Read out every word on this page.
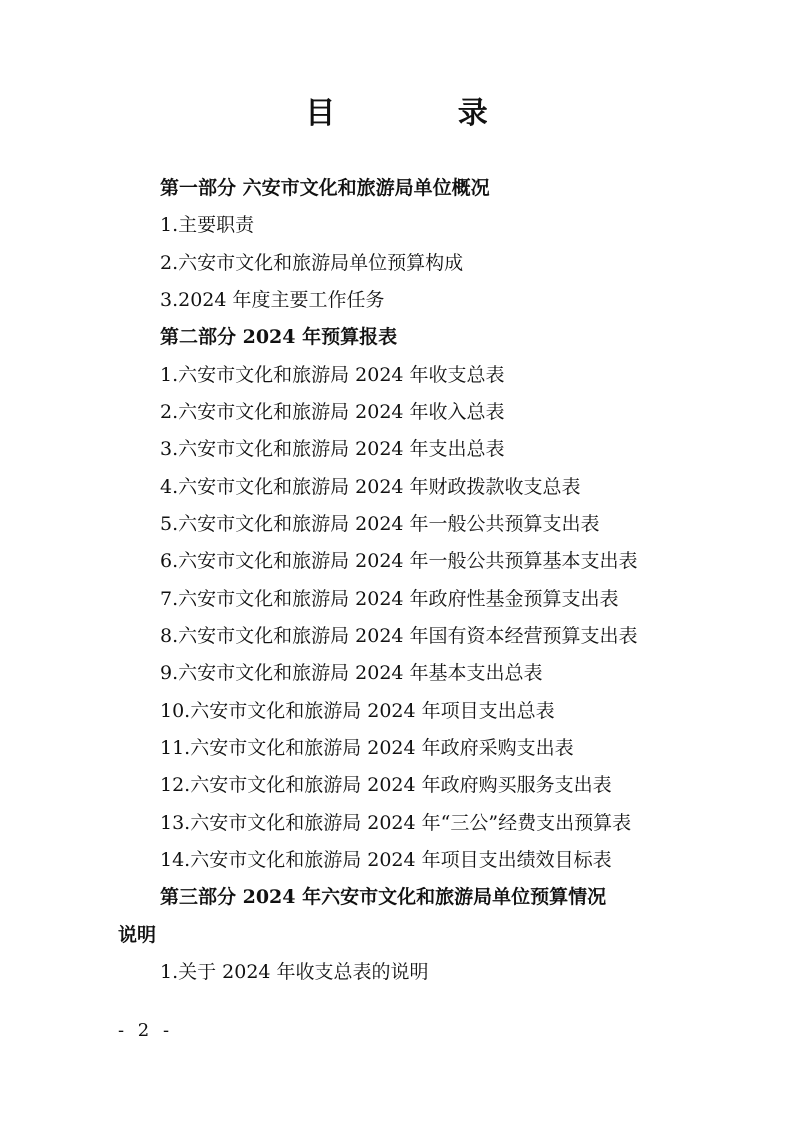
目 录
第一部分 六安市文化和旅游局单位概况
1.主要职责
2.六安市文化和旅游局单位预算构成
3.2024 年度主要工作任务
第二部分 2024 年预算报表
1.六安市文化和旅游局 2024 年收支总表
2.六安市文化和旅游局 2024 年收入总表
3.六安市文化和旅游局 2024 年支出总表
4.六安市文化和旅游局 2024 年财政拨款收支总表
5.六安市文化和旅游局 2024 年一般公共预算支出表
6.六安市文化和旅游局 2024 年一般公共预算基本支出表
7.六安市文化和旅游局 2024 年政府性基金预算支出表
8.六安市文化和旅游局 2024 年国有资本经营预算支出表
9.六安市文化和旅游局 2024 年基本支出总表
10.六安市文化和旅游局 2024 年项目支出总表
11.六安市文化和旅游局 2024 年政府采购支出表
12.六安市文化和旅游局 2024 年政府购买服务支出表
13.六安市文化和旅游局 2024 年“三公”经费支出预算表
14.六安市文化和旅游局 2024 年项目支出绩效目标表
第三部分 2024 年六安市文化和旅游局单位预算情况
说明
1.关于 2024 年收支总表的说明
- 2 -
